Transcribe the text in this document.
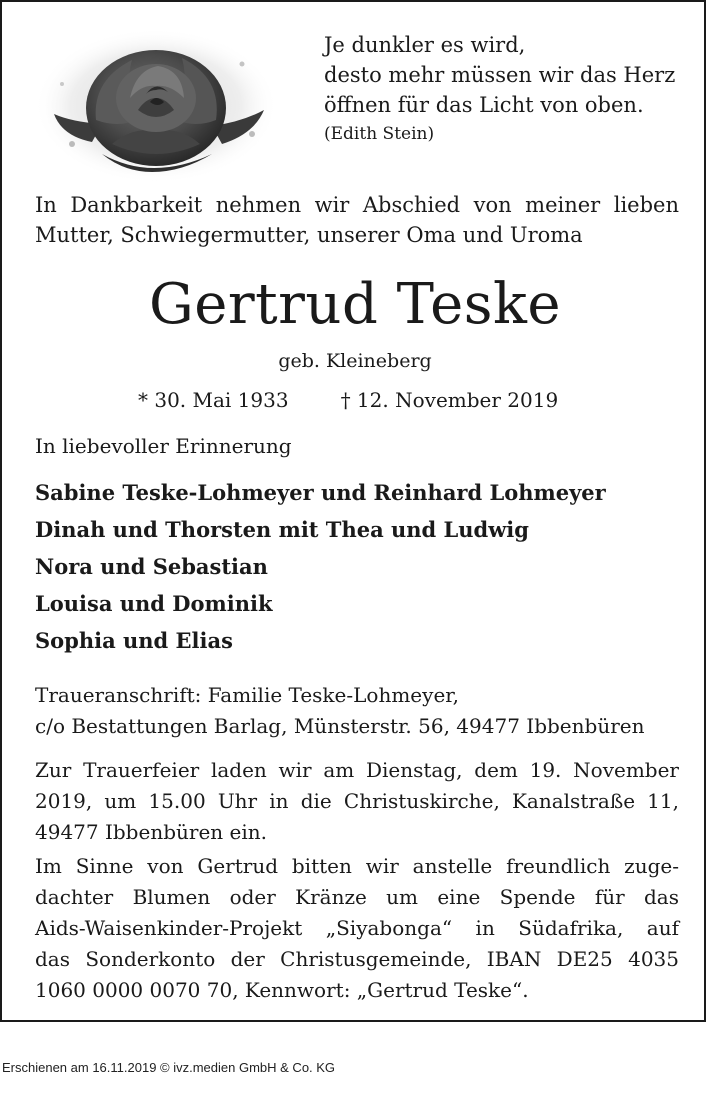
Je dunkler es wird,
desto mehr müssen wir das Herz
öffnen für das Licht von oben.
(Edith Stein)
In Dankbarkeit nehmen wir Abschied von meiner lieben
Mutter, Schwiegermutter, unserer Oma und Uroma
Gertrud Teske
geb. Kleineberg
* 30. Mai 1933	† 12. November 2019
In liebevoller Erinnerung
Sabine Teske-Lohmeyer und Reinhard Lohmeyer
Dinah und Thorsten mit Thea und Ludwig
Nora und Sebastian
Louisa und Dominik
Sophia und Elias
Traueranschrift: Familie Teske-Lohmeyer,
c/o Bestattungen Barlag, Münsterstr. 56, 49477 Ibbenbüren
Zur Trauerfeier laden wir am Dienstag, dem 19. November
2019, um 15.00 Uhr in die Christuskirche, Kanalstraße 11,
49477 Ibbenbüren ein.
Im Sinne von Gertrud bitten wir anstelle freundlich zuge-
dachter Blumen oder Kränze um eine Spende für das
Aids-Waisenkinder-Projekt „Siyabonga“ in Südafrika, auf
das Sonderkonto der Christusgemeinde, IBAN DE25 4035
1060 0000 0070 70, Kennwort: „Gertrud Teske“.
Erschienen am 16.11.2019 © ivz.medien GmbH & Co. KG
